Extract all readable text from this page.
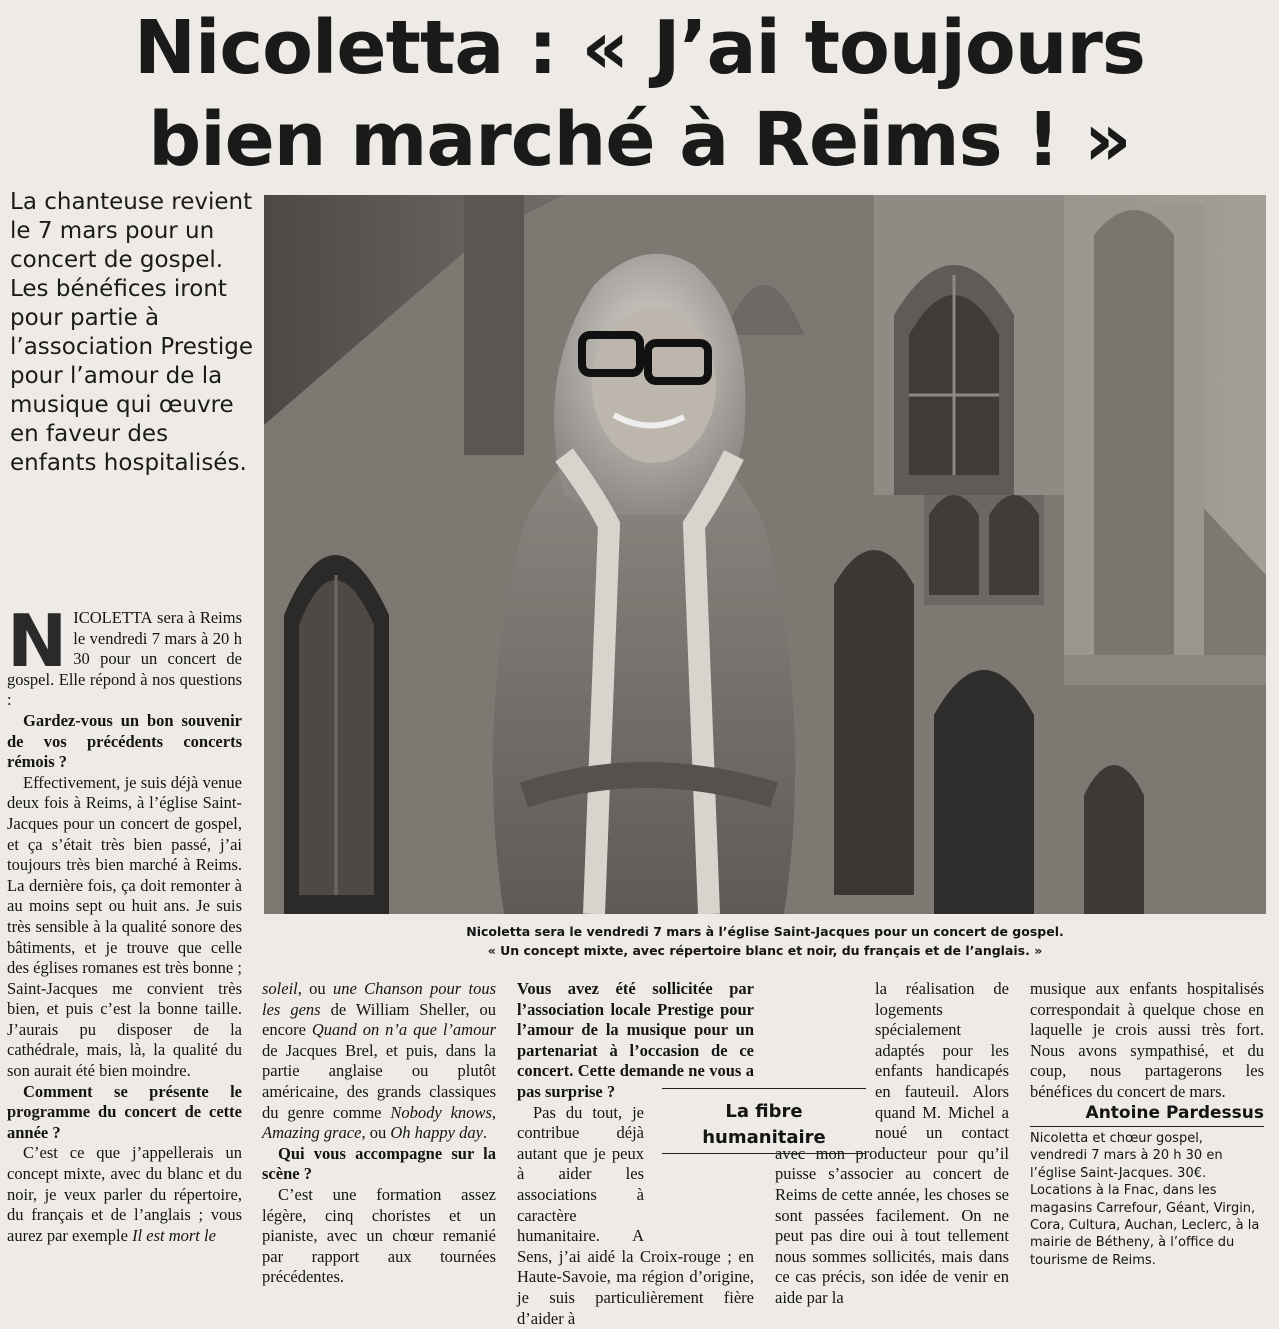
Nicoletta : « J’ai toujours
bien marché à Reims ! »
La chanteuse revient le 7 mars pour un concert de gospel. Les bénéfices iront pour partie à l’association Prestige pour l’amour de la musique qui œuvre en faveur des enfants hospitalisés.

NICOLETTA sera à Reims le vendredi 7 mars à 20 h 30 pour un concert de gospel. Elle répond à nos questions :

Gardez-vous un bon souvenir de vos précédents concerts rémois ?

Effectivement, je suis déjà venue deux fois à Reims, à l’église Saint-Jacques pour un concert de gospel, et ça s’était très bien passé, j’ai toujours très bien marché à Reims. La dernière fois, ça doit remonter à au moins sept ou huit ans. Je suis très sensible à la qualité sonore des bâtiments, et je trouve que celle des églises romanes est très bonne ; Saint-Jacques me convient très bien, et puis c’est la bonne taille. J’aurais pu disposer de la cathédrale, mais, là, la qualité du son aurait été bien moindre.

Comment se présente le programme du concert de cette année ?

C’est ce que j’appellerais un concept mixte, avec du blanc et du noir, je veux parler du répertoire, du français et de l’anglais ; vous aurez par exemple Il est mort le

Nicoletta sera le vendredi 7 mars à l’église Saint-Jacques pour un concert de gospel.
« Un concept mixte, avec répertoire blanc et noir, du français et de l’anglais. »

soleil, ou une Chanson pour tous les gens de William Sheller, ou encore Quand on n’a que l’amour de Jacques Brel, et puis, dans la partie anglaise ou plutôt américaine, des grands classiques du genre comme Nobody knows, Amazing grace, ou Oh happy day.

Qui vous accompagne sur la scène ?

C’est une formation assez légère, cinq choristes et un pianiste, avec un chœur remanié par rapport aux tournées précédentes.

Vous avez été sollicitée par l’association locale Prestige pour l’amour de la musique pour un partenariat à l’occasion de ce concert. Cette demande ne vous a pas surprise ?

Pas du tout, je contribue déjà autant que je peux à aider les associations à caractère humanitaire. A Sens, j’ai aidé la Croix-rouge ; en Haute-Savoie, ma région d’origine, je suis particulièrement fière d’aider à

la réalisation de logements spécialement adaptés pour les enfants handicapés en fauteuil. Alors quand M. Michel a noué un contact avec mon producteur pour qu’il puisse s’associer au concert de Reims de cette année, les choses se sont passées facilement. On ne peut pas dire oui à tout tellement nous sommes sollicités, mais dans ce cas précis, son idée de venir en aide par la

La fibre humanitaire

musique aux enfants hospitalisés correspondait à quelque chose en laquelle je crois aussi très fort. Nous avons sympathisé, et du coup, nous partagerons les bénéfices du concert de mars.

Antoine Pardessus
Nicoletta et chœur gospel, vendredi 7 mars à 20 h 30 en l’église Saint-Jacques. 30€. Locations à la Fnac, dans les magasins Carrefour, Géant, Virgin, Cora, Cultura, Auchan, Leclerc, à la mairie de Bétheny, à l’office du tourisme de Reims.
